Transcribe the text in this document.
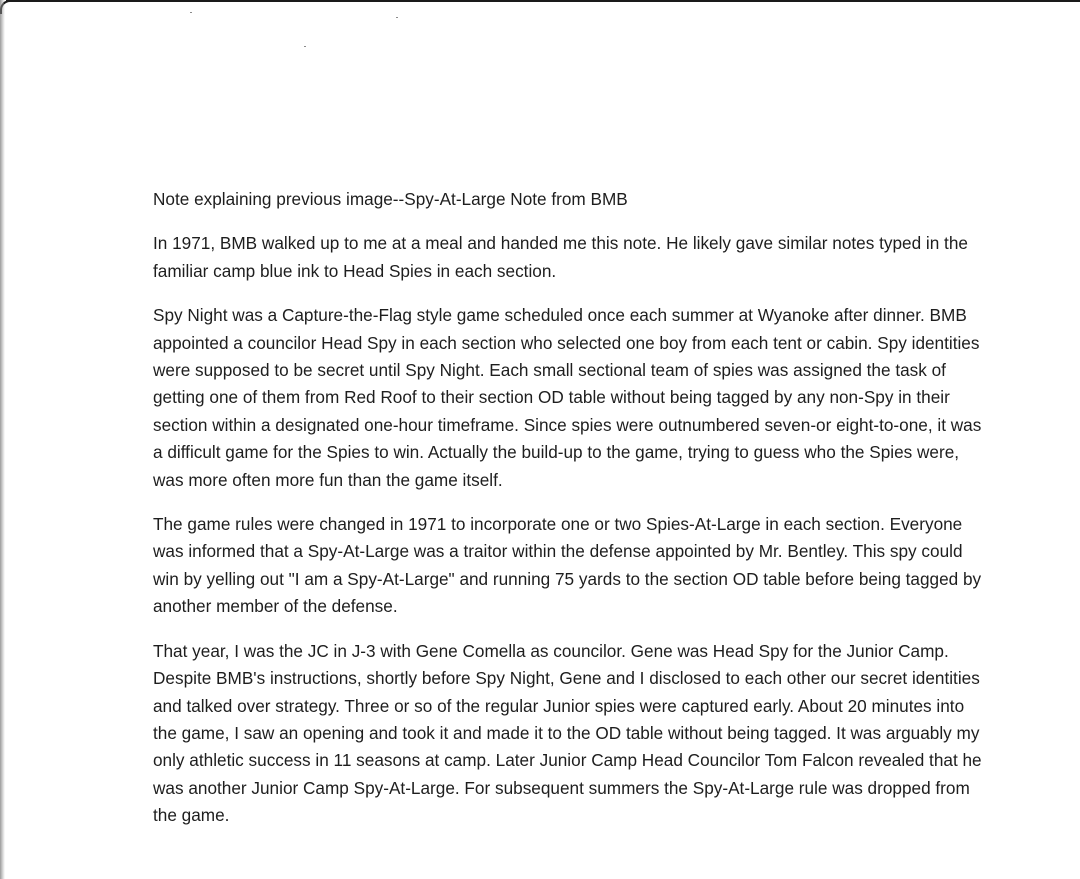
Note explaining previous image--Spy-At-Large Note from BMB

In 1971, BMB walked up to me at a meal and handed me this note. He likely gave similar notes typed in the familiar camp blue ink to Head Spies in each section.

Spy Night was a Capture-the-Flag style game scheduled once each summer at Wyanoke after dinner. BMB appointed a councilor Head Spy in each section who selected one boy from each tent or cabin. Spy identities were supposed to be secret until Spy Night. Each small sectional team of spies was assigned the task of getting one of them from Red Roof to their section OD table without being tagged by any non-Spy in their section within a designated one-hour timeframe. Since spies were outnumbered seven-or eight-to-one, it was a difficult game for the Spies to win. Actually the build-up to the game, trying to guess who the Spies were, was more often more fun than the game itself.

The game rules were changed in 1971 to incorporate one or two Spies-At-Large in each section. Everyone was informed that a Spy-At-Large was a traitor within the defense appointed by Mr. Bentley. This spy could win by yelling out "I am a Spy-At-Large" and running 75 yards to the section OD table before being tagged by another member of the defense.

That year, I was the JC in J-3 with Gene Comella as councilor. Gene was Head Spy for the Junior Camp. Despite BMB's instructions, shortly before Spy Night, Gene and I disclosed to each other our secret identities and talked over strategy. Three or so of the regular Junior spies were captured early. About 20 minutes into the game, I saw an opening and took it and made it to the OD table without being tagged. It was arguably my only athletic success in 11 seasons at camp. Later Junior Camp Head Councilor Tom Falcon revealed that he was another Junior Camp Spy-At-Large. For subsequent summers the Spy-At-Large rule was dropped from the game.
